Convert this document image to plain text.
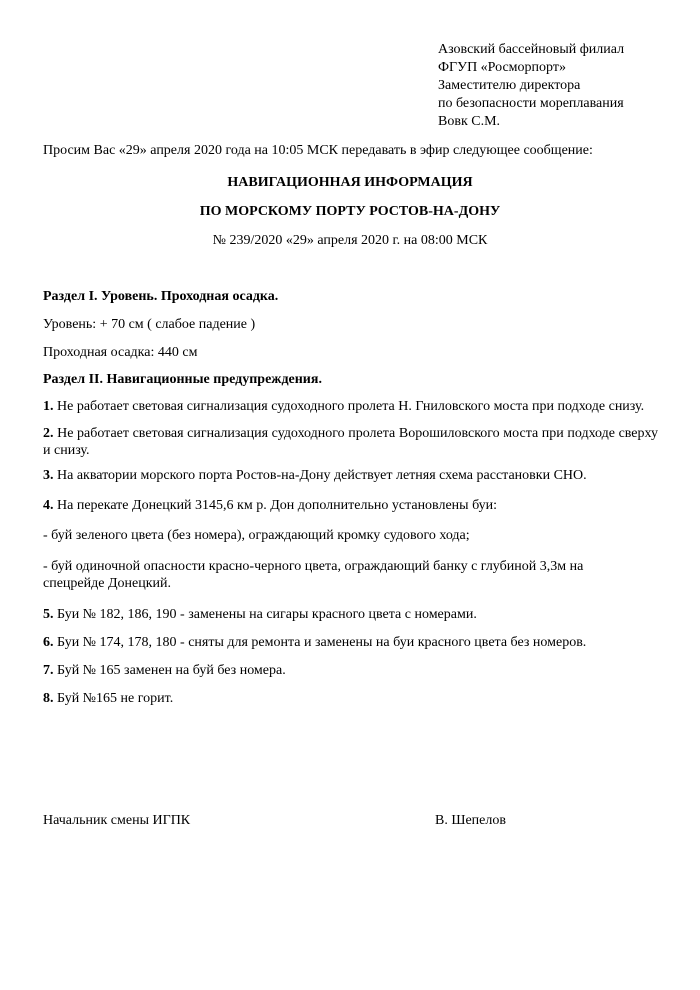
Азовский бассейновый филиал
ФГУП «Росморпорт»
Заместителю директора
по безопасности мореплавания
Вовк С.М.
Просим Вас «29» апреля 2020 года на 10:05 МСК передавать в эфир следующее сообщение:
НАВИГАЦИОННАЯ ИНФОРМАЦИЯ
ПО МОРСКОМУ ПОРТУ РОСТОВ-НА-ДОНУ
№ 239/2020 «29» апреля 2020 г. на 08:00 МСК
Раздел I. Уровень. Проходная осадка.
Уровень: + 70 см ( слабое падение )
Проходная осадка: 440 см
Раздел II. Навигационные предупреждения.
1. Не работает световая сигнализация судоходного пролета Н. Гниловского моста при подходе снизу.
2. Не работает световая сигнализация судоходного пролета Ворошиловского моста при подходе сверху и снизу.
3. На акватории морского порта Ростов-на-Дону действует летняя схема расстановки СНО.
4. На перекате Донецкий 3145,6 км р. Дон дополнительно установлены буи:
- буй зеленого цвета (без номера), ограждающий кромку судового хода;
- буй одиночной опасности красно-черного цвета, ограждающий банку с глубиной 3,3м на спецрейде Донецкий.
5. Буи № 182, 186, 190 - заменены на сигары красного цвета с номерами.
6. Буи № 174, 178, 180 - сняты для ремонта и заменены на буи красного цвета без номеров.
7. Буй № 165 заменен на буй без номера.
8. Буй №165 не горит.
Начальник смены ИГПК	В. Шепелов
